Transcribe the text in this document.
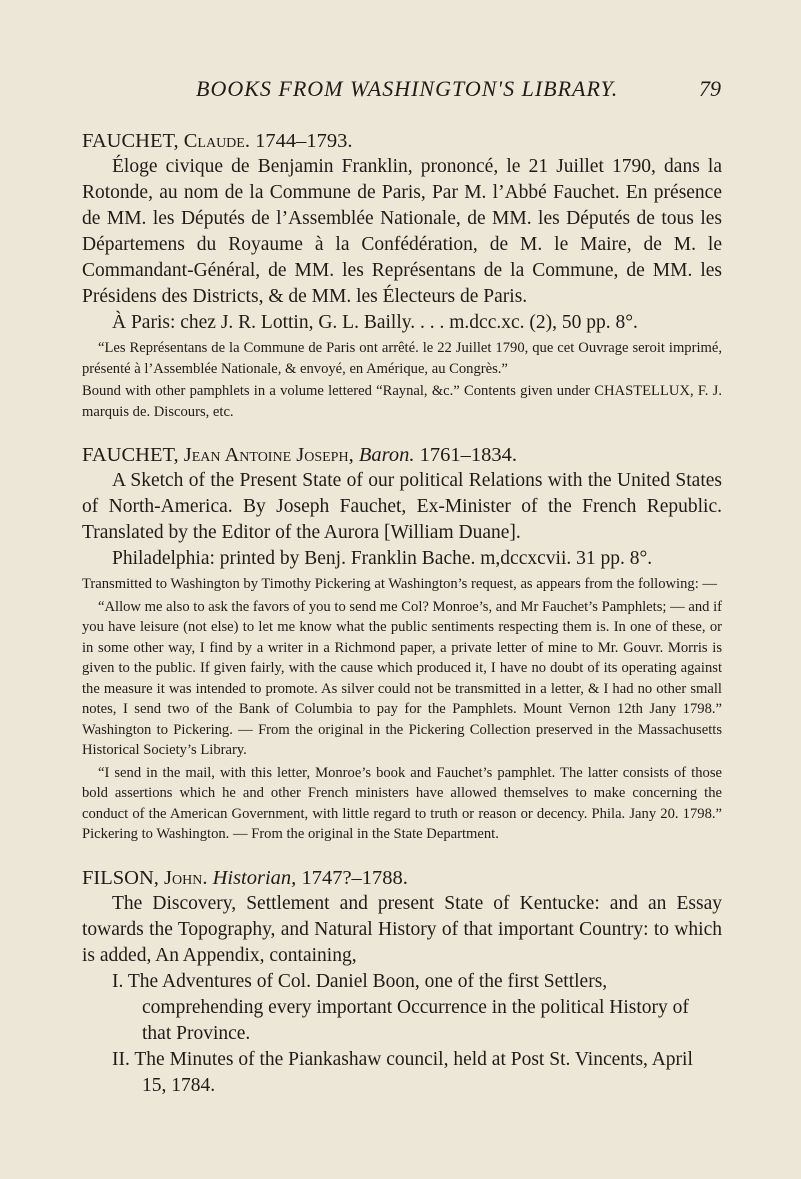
BOOKS FROM WASHINGTON'S LIBRARY.	79

FAUCHET, Claude. 1744–1793.

Éloge civique de Benjamin Franklin, prononcé, le 21 Juillet 1790, dans la Rotonde, au nom de la Commune de Paris, Par M. l’Abbé Fauchet. En présence de MM. les Députés de l’Assemblée Nationale, de MM. les Députés de tous les Départemens du Royaume à la Confédération, de M. le Maire, de M. le Commandant-Général, de MM. les Représentans de la Commune, de MM. les Présidens des Districts, & de MM. les Électeurs de Paris.

À Paris: chez J. R. Lottin, G. L. Bailly. . . . m.dcc.xc. (2), 50 pp. 8°.

“Les Représentans de la Commune de Paris ont arrêté. le 22 Juillet 1790, que cet Ouvrage seroit imprimé, présenté à l’Assemblée Nationale, & envoyé, en Amérique, au Congrès.”

Bound with other pamphlets in a volume lettered “Raynal, &c.” Contents given under CHASTELLUX, F. J. marquis de. Discours, etc.

FAUCHET, Jean Antoine Joseph, Baron. 1761–1834.

A Sketch of the Present State of our political Relations with the United States of North-America. By Joseph Fauchet, Ex-Minister of the French Republic. Translated by the Editor of the Aurora [William Duane].

Philadelphia: printed by Benj. Franklin Bache. m,dccxcvii. 31 pp. 8°.

Transmitted to Washington by Timothy Pickering at Washington’s request, as appears from the following: —

“Allow me also to ask the favors of you to send me Col? Monroe’s, and Mr Fauchet’s Pamphlets; — and if you have leisure (not else) to let me know what the public sentiments respecting them is. In one of these, or in some other way, I find by a writer in a Richmond paper, a private letter of mine to Mr. Gouvr. Morris is given to the public. If given fairly, with the cause which produced it, I have no doubt of its operating against the measure it was intended to promote. As silver could not be transmitted in a letter, & I had no other small notes, I send two of the Bank of Columbia to pay for the Pamphlets. Mount Vernon 12th Jany 1798.” Washington to Pickering. — From the original in the Pickering Collection preserved in the Massachusetts Historical Society’s Library.

“I send in the mail, with this letter, Monroe’s book and Fauchet’s pamphlet. The latter consists of those bold assertions which he and other French ministers have allowed themselves to make concerning the conduct of the American Government, with little regard to truth or reason or decency. Phila. Jany 20. 1798.” Pickering to Washington. — From the original in the State Department.

FILSON, John. Historian, 1747?–1788.

The Discovery, Settlement and present State of Kentucke: and an Essay towards the Topography, and Natural History of that important Country: to which is added, An Appendix, containing,

I. The Adventures of Col. Daniel Boon, one of the first Settlers, comprehending every important Occurrence in the political History of that Province.
II. The Minutes of the Piankashaw council, held at Post St. Vincents, April 15, 1784.
